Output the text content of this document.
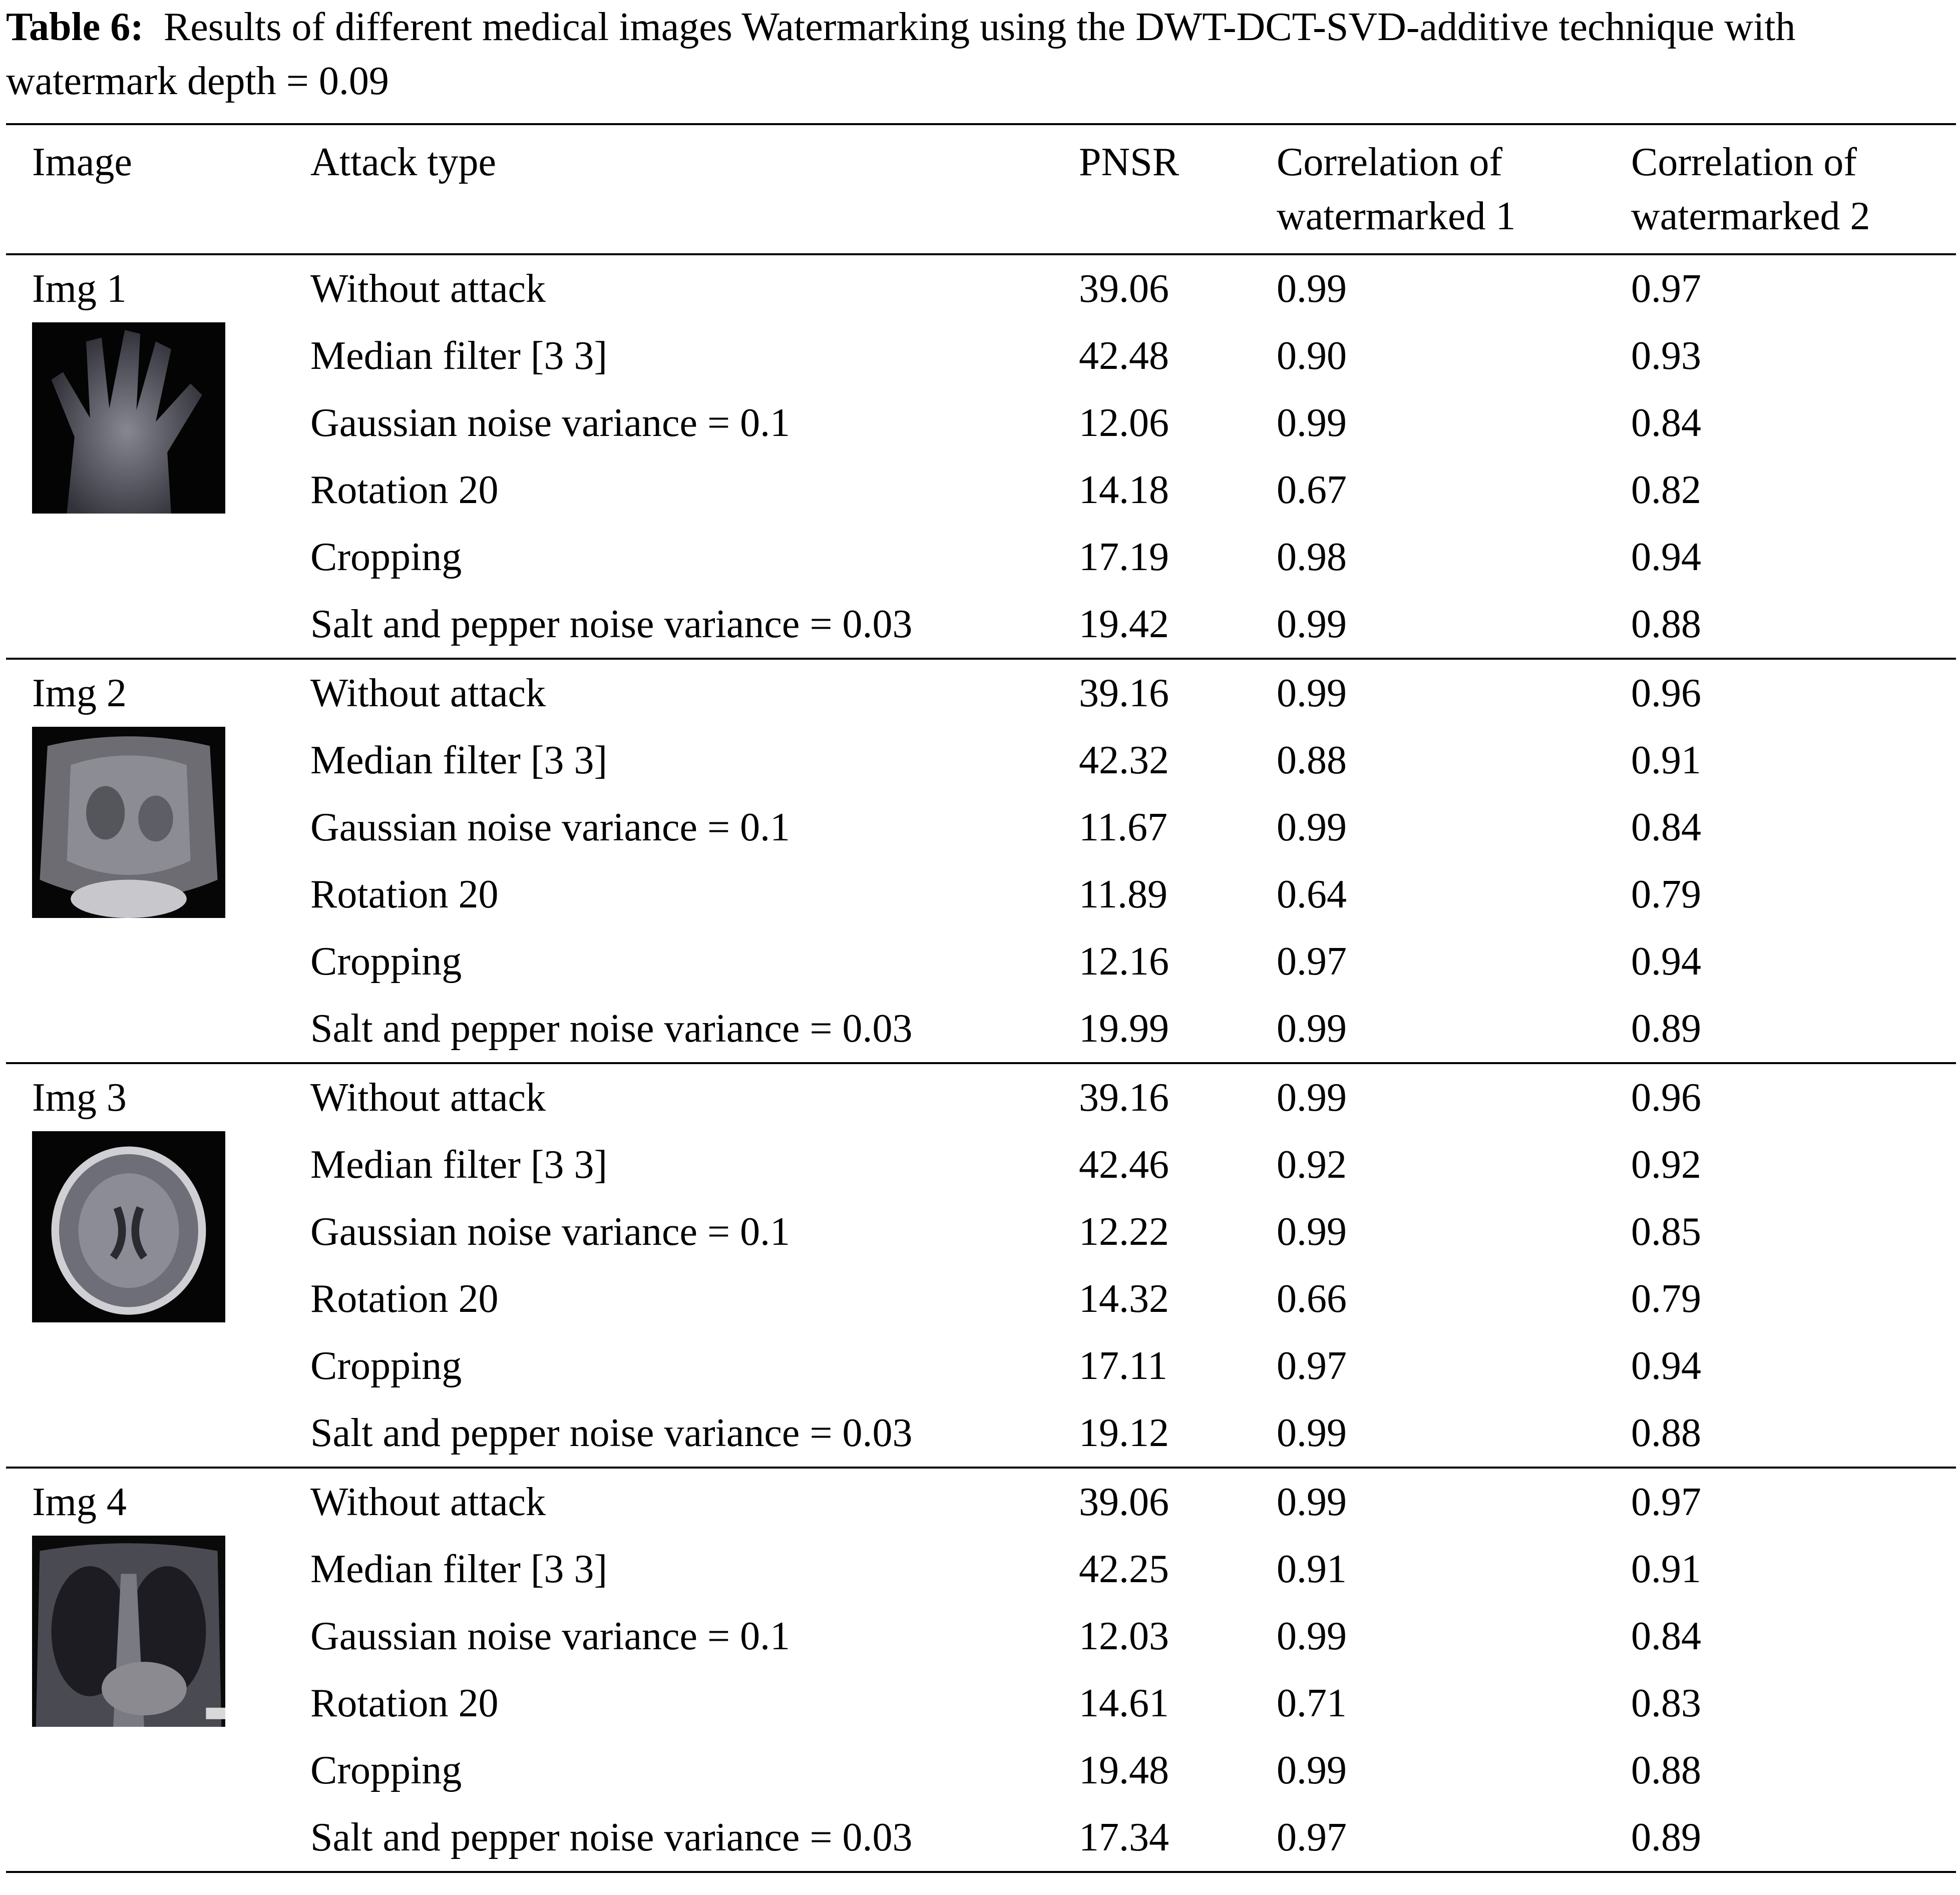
Table 6: Results of different medical images Watermarking using the DWT-DCT-SVD-additive technique with watermark depth = 0.09
Image	Attack type	PNSR	Correlation of watermarked 1	Correlation of watermarked 2

Img 1	Without attack	39.06	0.99	0.97
	Median filter [3 3]	42.48	0.90	0.93
	Gaussian noise variance = 0.1	12.06	0.99	0.84
	Rotation 20	14.18	0.67	0.82
	Cropping	17.19	0.98	0.94
	Salt and pepper noise variance = 0.03	19.42	0.99	0.88

Img 2	Without attack	39.16	0.99	0.96
	Median filter [3 3]	42.32	0.88	0.91
	Gaussian noise variance = 0.1	11.67	0.99	0.84
	Rotation 20	11.89	0.64	0.79
	Cropping	12.16	0.97	0.94
	Salt and pepper noise variance = 0.03	19.99	0.99	0.89

Img 3	Without attack	39.16	0.99	0.96
	Median filter [3 3]	42.46	0.92	0.92
	Gaussian noise variance = 0.1	12.22	0.99	0.85
	Rotation 20	14.32	0.66	0.79
	Cropping	17.11	0.97	0.94
	Salt and pepper noise variance = 0.03	19.12	0.99	0.88

Img 4	Without attack	39.06	0.99	0.97
	Median filter [3 3]	42.25	0.91	0.91
	Gaussian noise variance = 0.1	12.03	0.99	0.84
	Rotation 20	14.61	0.71	0.83
	Cropping	19.48	0.99	0.88
	Salt and pepper noise variance = 0.03	17.34	0.97	0.89
